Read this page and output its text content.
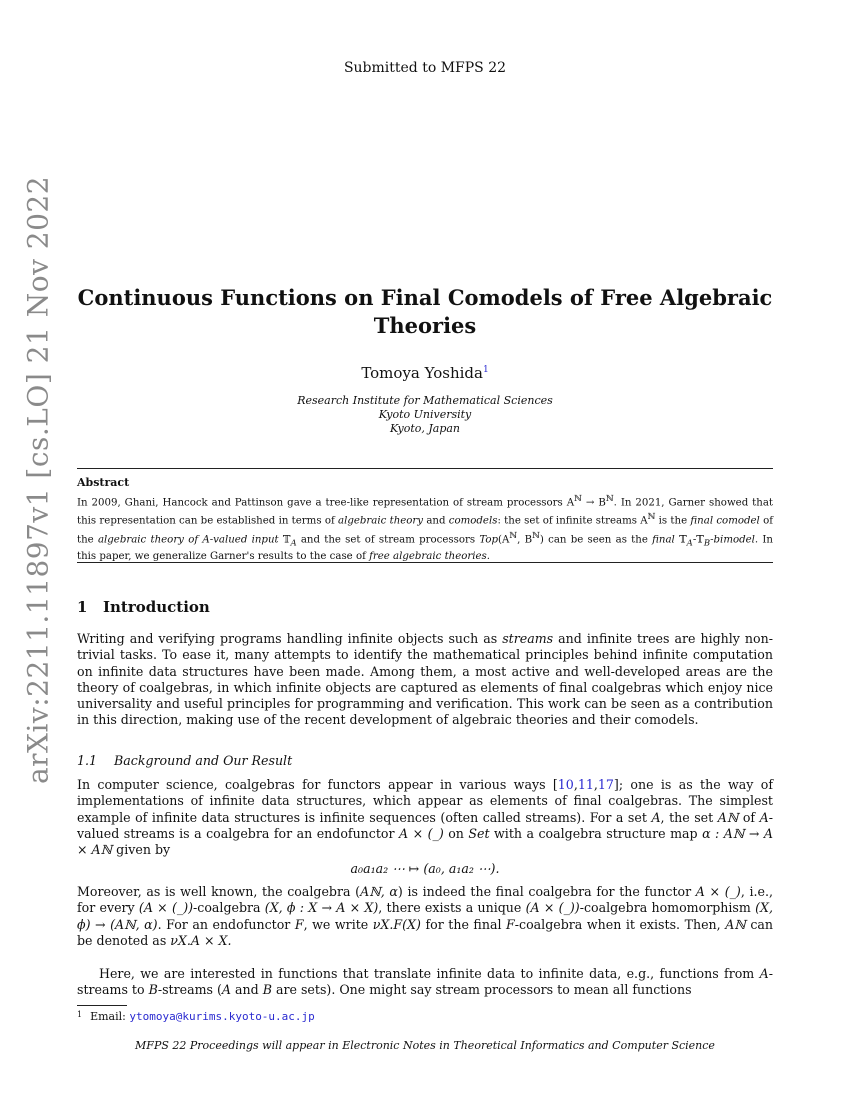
Submitted to MFPS 22
arXiv:2211.11897v1 [cs.LO] 21 Nov 2022	Continuous Functions on Final Comodels of Free Algebraic
Theories
Tomoya Yoshida$^1$
Research Institute for Mathematical Sciences
Kyoto University
Kyoto, Japan
Abstract
In 2009, Ghani, Hancock and Pattinson gave a tree-like representation of stream processors $A^ℕ \to B^ℕ$. In 2021, Garner showed that this representation can be established in terms of algebraic theory and comodels: the set of infinite streams $A^ℕ$ is the final comodel of the algebraic theory of A-valued input 𝕋$_A$ and the set of stream processors $Top(A^ℕ$, $B^ℕ$) can be seen as the final 𝕋$_A$-𝕋$_B$-bimodel. In this paper, we generalize Garner's results to the case of free algebraic theories.
1 Introduction
Writing and verifying programs handling infinite objects such as streams and infinite trees are highly non-trivial tasks. To ease it, many attempts to identify the mathematical principles behind infinite computation on infinite data structures have been made. Among them, a most active and well-developed areas are the theory of coalgebras, in which infinite objects are captured as elements of final coalgebras which enjoy nice universality and useful principles for programming and verification. This work can be seen as a contribution in this direction, making use of the recent development of algebraic theories and their comodels.
1.1 Background and Our Result
In computer science, coalgebras for functors appear in various ways [10,11,17]; one is as the way of implementations of infinite data structures, which appear as elements of final coalgebras. The simplest example of infinite data structures is infinite sequences (often called streams). For a set A, the set Aℕ of A-valued streams is a coalgebra for an endofunctor A × (_) on Set with a coalgebra structure map α : Aℕ → A × Aℕ given by
a₀a₁a₂ ⋯ ↦ (a₀, a₁a₂ ⋯).
Moreover, as is well known, the coalgebra (Aℕ, α) is indeed the final coalgebra for the functor A × (_), i.e., for every (A × (_))-coalgebra (X, ϕ : X → A × X), there exists a unique (A × (_))-coalgebra homomorphism (X, ϕ) → (Aℕ, α). For an endofunctor F, we write νX.F(X) for the final F-coalgebra when it exists. Then, Aℕ can be denoted as νX.A × X.
Here, we are interested in functions that translate infinite data to infinite data, e.g., functions from A-streams to B-streams (A and B are sets). One might say stream processors to mean all functions
$^1$ Email: ytomoya@kurims.kyoto-u.ac.jp
MFPS 22 Proceedings will appear in Electronic Notes in Theoretical Informatics and Computer Science
